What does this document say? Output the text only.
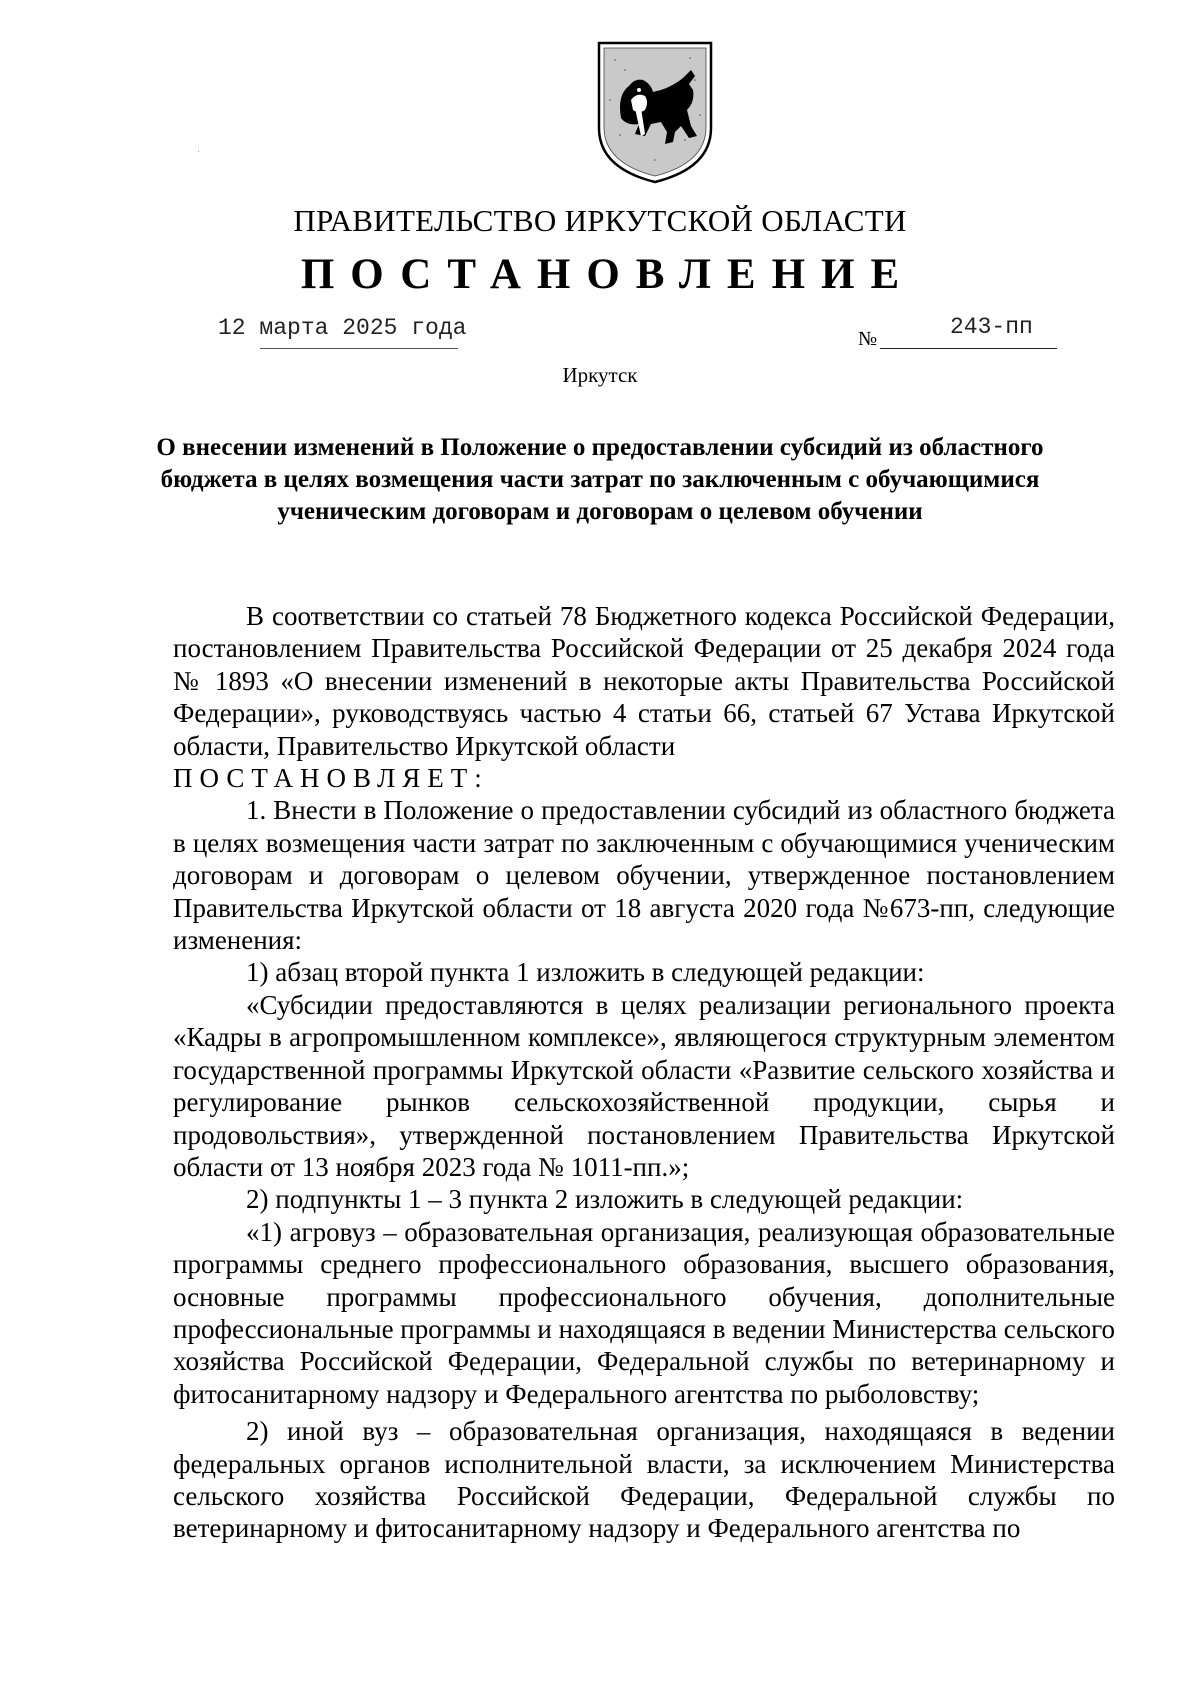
ПРАВИТЕЛЬСТВО ИРКУТСКОЙ ОБЛАСТИ
ПОСТАНОВЛЕНИЕ
12 марта 2025 года	№	243-пп
Иркутск
О внесении изменений в Положение о предоставлении субсидий из областного бюджета в целях возмещения части затрат по заключенным с обучающимися ученическим договорам и договорам о целевом обучении

В соответствии со статьей 78 Бюджетного кодекса Российской Федерации, постановлением Правительства Российской Федерации от 25 декабря 2024 года № 1893 «О внесении изменений в некоторые акты Правительства Российской Федерации», руководствуясь частью 4 статьи 66, статьей 67 Устава Иркутской области, Правительство Иркутской области

ПОСТАНОВЛЯЕТ:

1. Внести в Положение о предоставлении субсидий из областного бюджета в целях возмещения части затрат по заключенным с обучающимися ученическим договорам и договорам о целевом обучении, утвержденное постановлением Правительства Иркутской области от 18 августа 2020 года №673-пп, следующие изменения:

1) абзац второй пункта 1 изложить в следующей редакции:

«Субсидии предоставляются в целях реализации регионального проекта «Кадры в агропромышленном комплексе», являющегося структурным элементом государственной программы Иркутской области «Развитие сельского хозяйства и регулирование рынков сельскохозяйственной продукции, сырья и продовольствия», утвержденной постановлением Правительства Иркутской области от 13 ноября 2023 года № 1011-пп.»;

2) подпункты 1 – 3 пункта 2 изложить в следующей редакции:

«1) агровуз – образовательная организация, реализующая образовательные программы среднего профессионального образования, высшего образования, основные программы профессионального обучения, дополнительные профессиональные программы и находящаяся в ведении Министерства сельского хозяйства Российской Федерации, Федеральной службы по ветеринарному и фитосанитарному надзору и Федерального агентства по рыболовству;

2) иной вуз – образовательная организация, находящаяся в ведении федеральных органов исполнительной власти, за исключением Министерства сельского хозяйства Российской Федерации, Федеральной службы по ветеринарному и фитосанитарному надзору и Федерального агентства по
